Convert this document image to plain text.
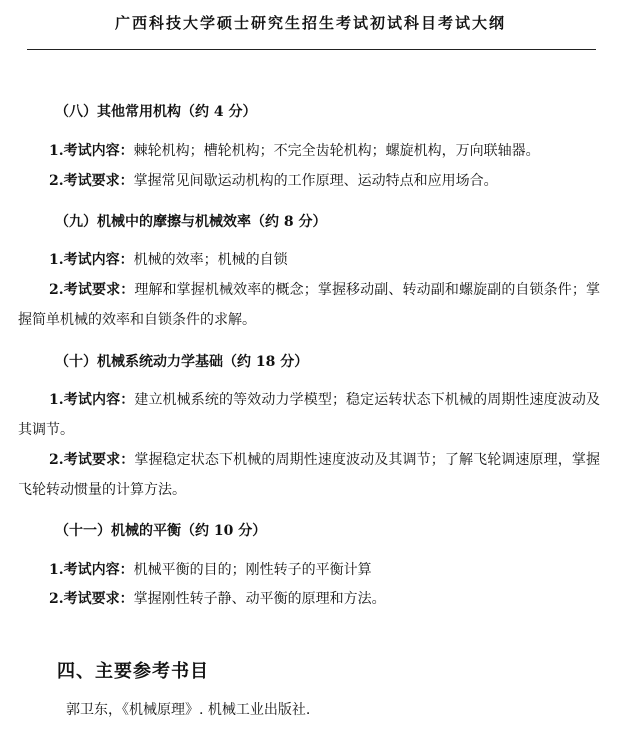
广西科技大学硕士研究生招生考试初试科目考试大纲
（八）其他常用机构（约 4 分）
1.考试内容：棘轮机构；槽轮机构；不完全齿轮机构；螺旋机构，万向联轴器。
2.考试要求：掌握常见间歇运动机构的工作原理、运动特点和应用场合。
（九）机械中的摩擦与机械效率（约 8 分）
1.考试内容：机械的效率；机械的自锁
2.考试要求：理解和掌握机械效率的概念；掌握移动副、转动副和螺旋副的自锁条件；掌握简单机械的效率和自锁条件的求解。
（十）机械系统动力学基础（约 18 分）
1.考试内容：建立机械系统的等效动力学模型；稳定运转状态下机械的周期性速度波动及其调节。
2.考试要求：掌握稳定状态下机械的周期性速度波动及其调节；了解飞轮调速原理，掌握飞轮转动惯量的计算方法。
（十一）机械的平衡（约 10 分）
1.考试内容：机械平衡的目的；刚性转子的平衡计算
2.考试要求：掌握刚性转子静、动平衡的原理和方法。
四、主要参考书目
郭卫东，《机械原理》. 机械工业出版社.
